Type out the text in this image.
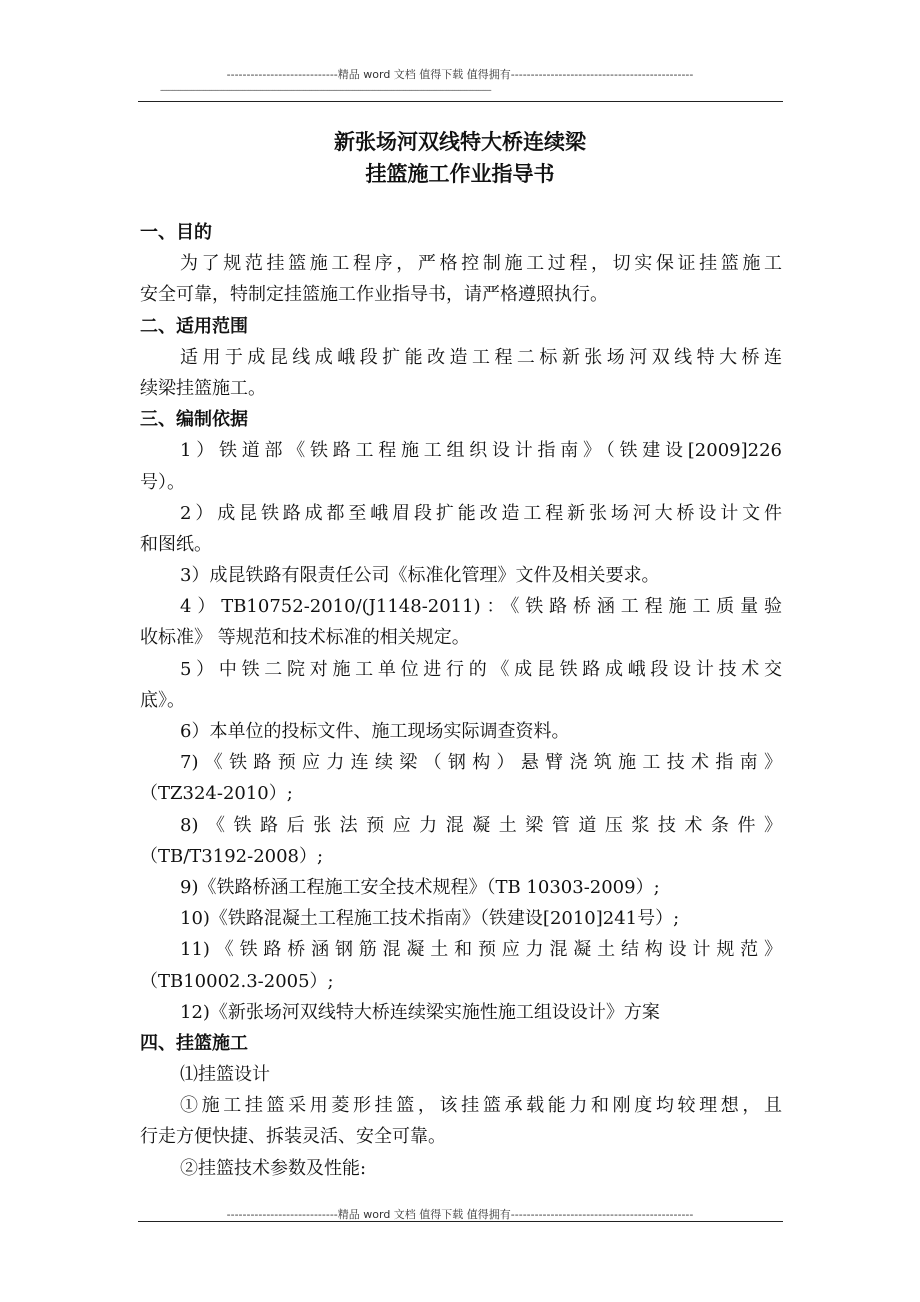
----------------------------精品 word 文档 值得下载 值得拥有----------------------------------------------
------------------------------------------------------------------------------------------------------------------------------------------------------------------
新张场河双线特大桥连续梁
挂篮施工作业指导书
一、目的
为了规范挂篮施工程序，严格控制施工过程，切实保证挂篮施工
安全可靠，特制定挂篮施工作业指导书，请严格遵照执行。
二、适用范围
适用于成昆线成峨段扩能改造工程二标新张场河双线特大桥连
续梁挂篮施工。
三、编制依据
1）铁道部《铁路工程施工组织设计指南》（铁建设[2009]226
号）。
2）成昆铁路成都至峨眉段扩能改造工程新张场河大桥设计文件
和图纸。
3）成昆铁路有限责任公司《标准化管理》文件及相关要求。
4）TB10752-2010/(J1148-2011)：《铁路桥涵工程施工质量验
收标准》 等规范和技术标准的相关规定。
5）中铁二院对施工单位进行的《成昆铁路成峨段设计技术交
底》。
6）本单位的投标文件、施工现场实际调查资料。
7)《铁路预应力连续梁（钢构）悬臂浇筑施工技术指南》
（TZ324-2010）;
8)《铁路后张法预应力混凝土梁管道压浆技术条件》
（TB/T3192-2008）;
9)《铁路桥涵工程施工安全技术规程》（TB 10303-2009）;
10)《铁路混凝土工程施工技术指南》（铁建设[2010]241号）;
11)《铁路桥涵钢筋混凝土和预应力混凝土结构设计规范》
（TB10002.3-2005）;
12)《新张场河双线特大桥连续梁实施性施工组设设计》方案
四、挂篮施工
⑴挂篮设计
①施工挂篮采用菱形挂篮，该挂篮承载能力和刚度均较理想，且
行走方便快捷、拆装灵活、安全可靠。
②挂篮技术参数及性能:
----------------------------精品 word 文档 值得下载 值得拥有----------------------------------------------
